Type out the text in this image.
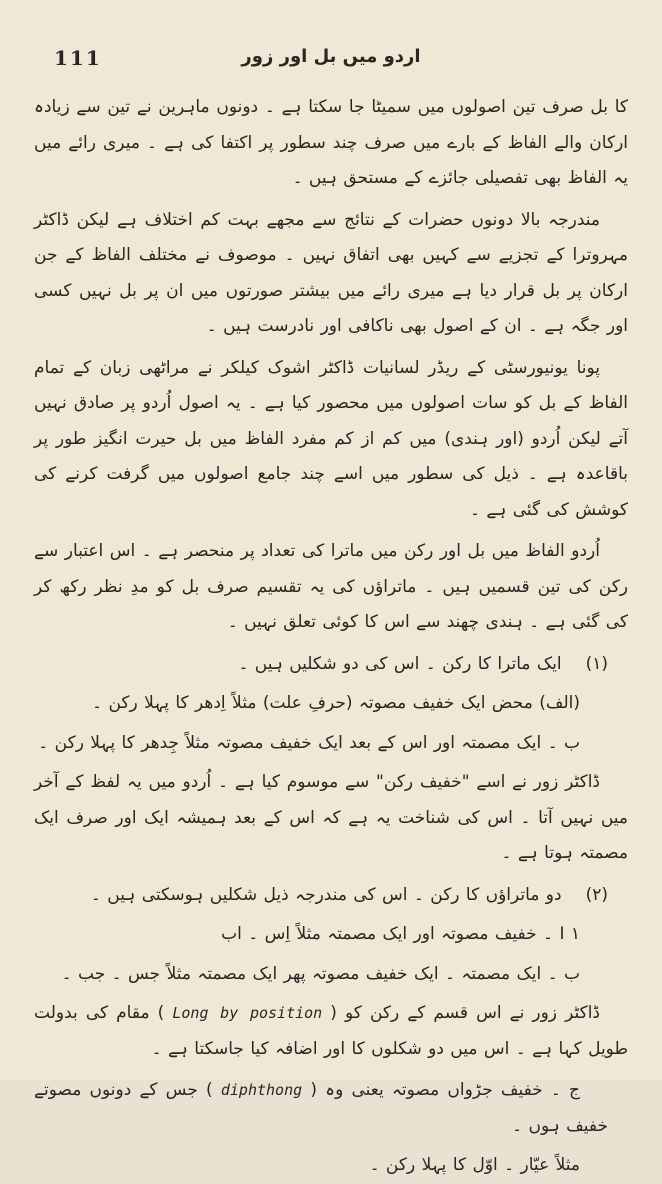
111	اردو میں بل اور زور

کا بل صرف تین اصولوں میں سمیٹا جا سکتا ہے ۔ دونوں ماہرین نے تین سے زیادہ ارکان والے الفاظ کے بارے میں صرف چند سطور پر اکتفا کی ہے ۔ میری رائے میں یہ الفاظ بھی تفصیلی جائزے کے مستحق ہیں ۔

مندرجہ بالا دونوں حضرات کے نتائج سے مجھے بہت کم اختلاف ہے لیکن ڈاکٹر مہروترا کے تجزیے سے کہیں بھی اتفاق نہیں ۔ موصوف نے مختلف الفاظ کے جن ارکان پر بل قرار دیا ہے میری رائے میں بیشتر صورتوں میں ان پر بل نہیں کسی اور جگہ ہے ۔ ان کے اصول بھی ناکافی اور نادرست ہیں ۔

پونا یونیورسٹی کے ریڈر لسانیات ڈاکٹر اشوک کیلکر نے مراٹھی زبان کے تمام الفاظ کے بل کو سات اصولوں میں محصور کیا ہے ۔ یہ اصول اُردو پر صادق نہیں آتے لیکن اُردو (اور ہندی) میں کم از کم مفرد الفاظ میں بل حیرت انگیز طور پر باقاعدہ ہے ۔ ذیل کی سطور میں اسے چند جامع اصولوں میں گرفت کرنے کی کوشش کی گئی ہے ۔

اُردو الفاظ میں بل اور رکن میں ماترا کی تعداد پر منحصر ہے ۔ اس اعتبار سے رکن کی تین قسمیں ہیں ۔ ماتراؤں کی یہ تقسیم صرف بل کو مدِ نظر رکھ کر کی گئی ہے ۔ ہندی چھند سے اس کا کوئی تعلق نہیں ۔

(۱) ایک ماترا کا رکن ۔ اس کی دو شکلیں ہیں ۔

(الف) محض ایک خفیف مصوتہ (حرفِ علت) مثلاً اِدھر کا پہلا رکن ۔

ب ۔ ایک مصمتہ اور اس کے بعد ایک خفیف مصوتہ مثلاً جِدھر کا پہلا رکن ۔

ڈاکٹر زور نے اسے "خفیف رکن" سے موسوم کیا ہے ۔ اُردو میں یہ لفظ کے آخر میں نہیں آتا ۔ اس کی شناخت یہ ہے کہ اس کے بعد ہمیشہ ایک اور صرف ایک مصمتہ ہوتا ہے ۔

(۲) دو ماتراؤں کا رکن ۔ اس کی مندرجہ ذیل شکلیں ہوسکتی ہیں ۔

I ۱ ۔ خفیف مصوتہ اور ایک مصمتہ مثلاً اِس ۔ اب

ب ۔ ایک مصمتہ ۔ ایک خفیف مصوتہ پھر ایک مصمتہ مثلاً جس ۔ جب ۔

ڈاکٹر زور نے اس قسم کے رکن کو ( Long by position ) مقام کی بدولت طویل کہا ہے ۔ اس میں دو شکلوں کا اور اضافہ کیا جاسکتا ہے ۔

ج ۔ خفیف جڑواں مصوتہ یعنی وہ ( diphthong ) جس کے دونوں مصوتے خفیف ہوں ۔

مثلاً عیّار ۔ اوّل کا پہلا رکن ۔
